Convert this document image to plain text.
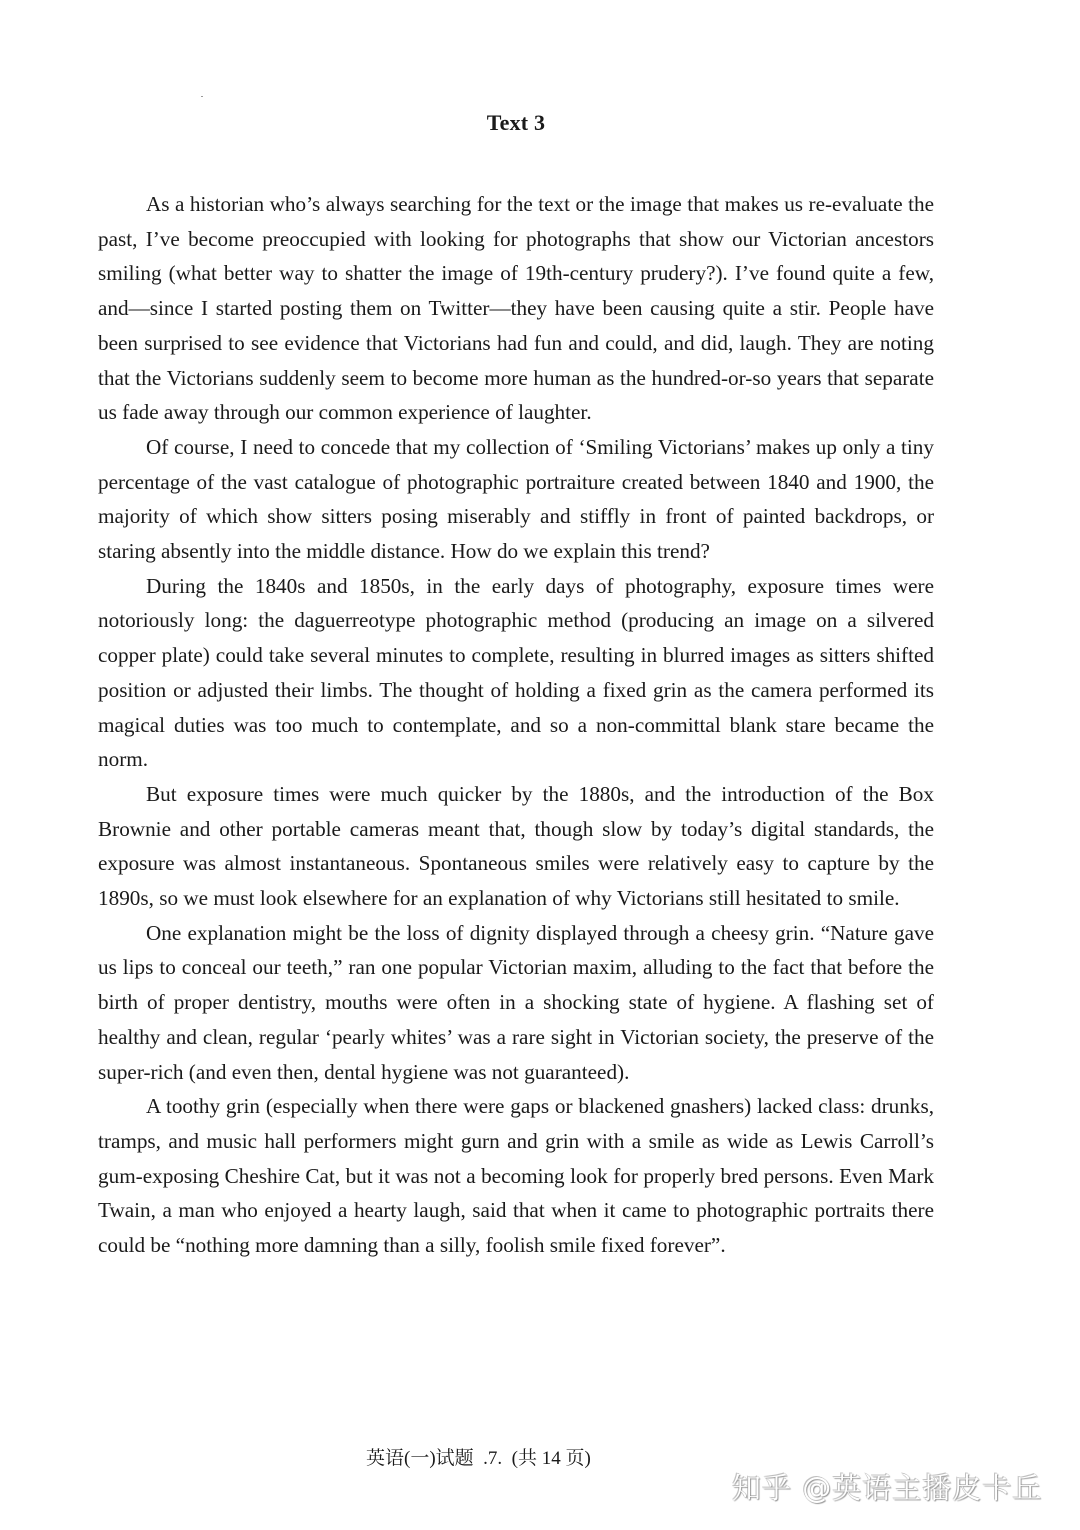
Text 3

As a historian who’s always searching for the text or the image that makes us re-evaluate the past, I’ve become preoccupied with looking for photographs that show our Victorian ancestors smiling (what better way to shatter the image of 19th-century prudery?). I’ve found quite a few, and—since I started posting them on Twitter—they have been causing quite a stir. People have been surprised to see evidence that Victorians had fun and could, and did, laugh. They are noting that the Victorians suddenly seem to become more human as the hundred-or-so years that separate us fade away through our common experience of laughter.

Of course, I need to concede that my collection of ‘Smiling Victorians’ makes up only a tiny percentage of the vast catalogue of photographic portraiture created between 1840 and 1900, the majority of which show sitters posing miserably and stiffly in front of painted backdrops, or staring absently into the middle distance. How do we explain this trend?

During the 1840s and 1850s, in the early days of photography, exposure times were notoriously long: the daguerreotype photographic method (producing an image on a silvered copper plate) could take several minutes to complete, resulting in blurred images as sitters shifted position or adjusted their limbs. The thought of holding a fixed grin as the camera performed its magical duties was too much to contemplate, and so a non-committal blank stare became the norm.

But exposure times were much quicker by the 1880s, and the introduction of the Box Brownie and other portable cameras meant that, though slow by today’s digital standards, the exposure was almost instantaneous. Spontaneous smiles were relatively easy to capture by the 1890s, so we must look elsewhere for an explanation of why Victorians still hesitated to smile.

One explanation might be the loss of dignity displayed through a cheesy grin. “Nature gave us lips to conceal our teeth,” ran one popular Victorian maxim, alluding to the fact that before the birth of proper dentistry, mouths were often in a shocking state of hygiene. A flashing set of healthy and clean, regular ‘pearly whites’ was a rare sight in Victorian society, the preserve of the super-rich (and even then, dental hygiene was not guaranteed).

A toothy grin (especially when there were gaps or blackened gnashers) lacked class: drunks, tramps, and music hall performers might gurn and grin with a smile as wide as Lewis Carroll’s gum-exposing Cheshire Cat, but it was not a becoming look for properly bred persons. Even Mark Twain, a man who enjoyed a hearty laugh, said that when it came to photographic portraits there could be “nothing more damning than a silly, foolish smile fixed forever”.

英语(一)试题  .7.  (共 14 页)
知乎 @英语主播皮卡丘
